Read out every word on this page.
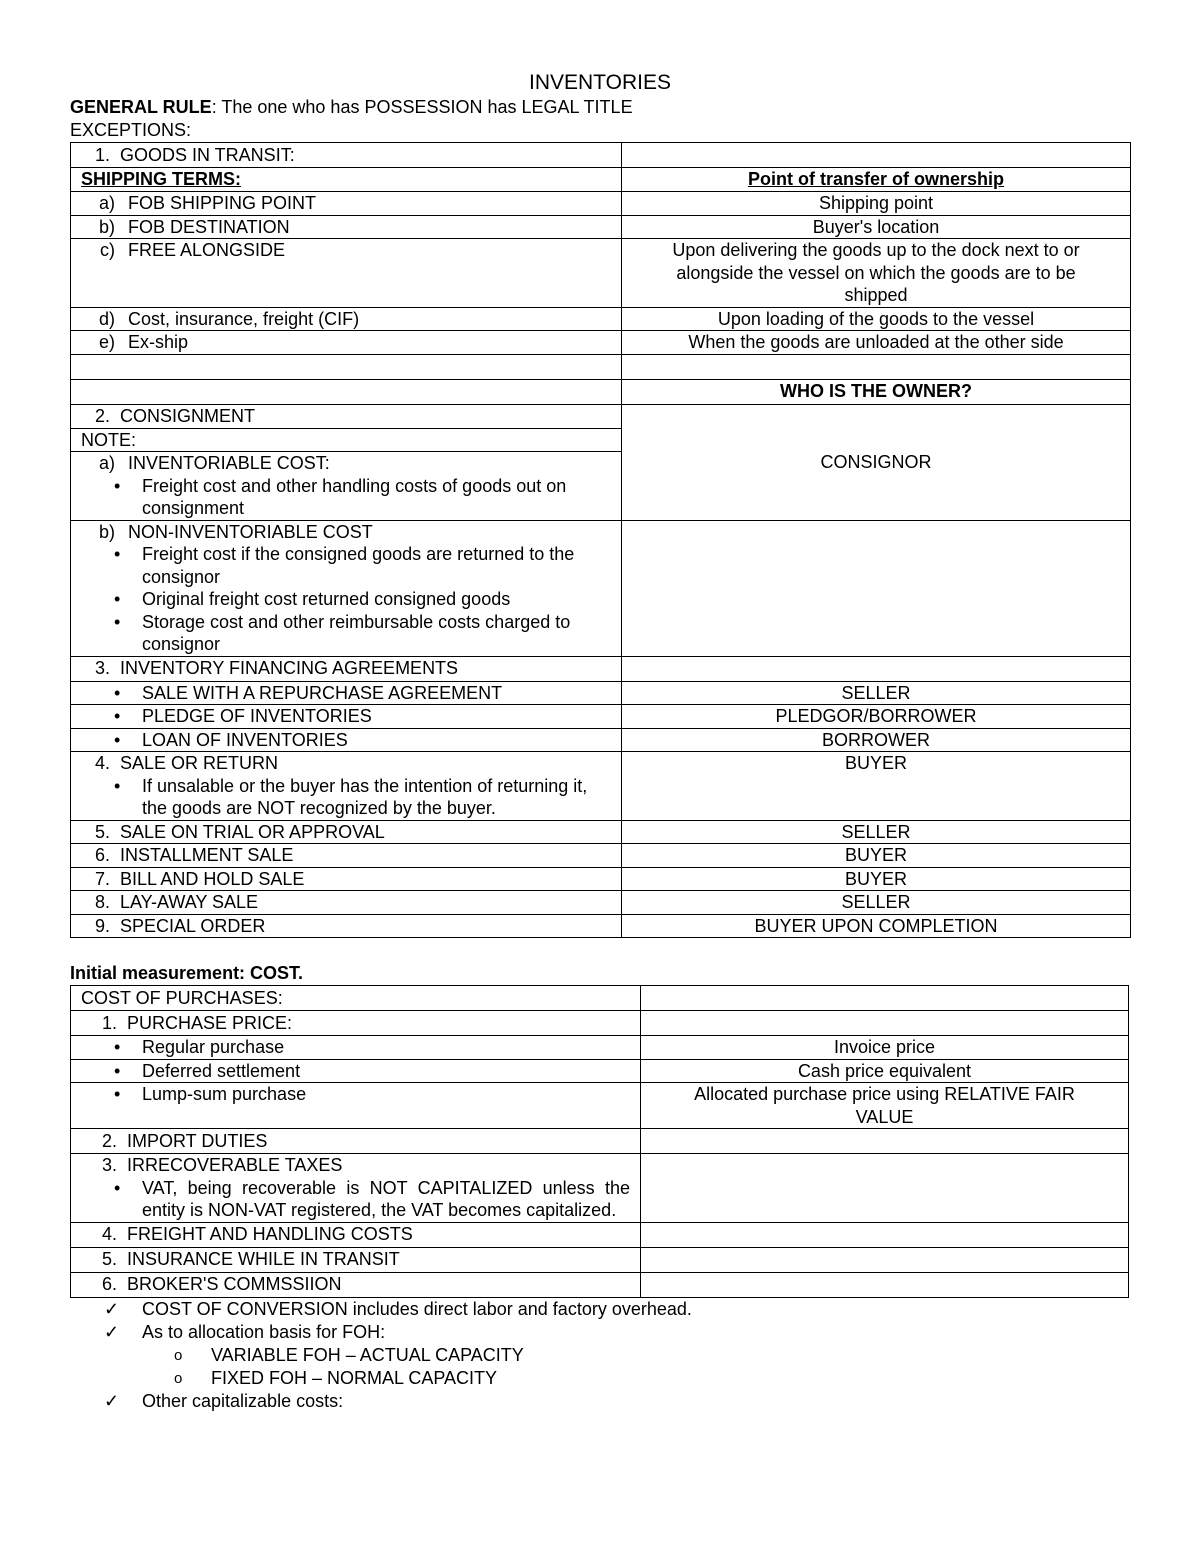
INVENTORIES

GENERAL RULE: The one who has POSSESSION has LEGAL TITLE

EXCEPTIONS:

1. GOODS IN TRANSIT:	
SHIPPING TERMS:	Point of transfer of ownership
a) FOB SHIPPING POINT	Shipping point
b) FOB DESTINATION	Buyer's location
c) FREE ALONGSIDE	Upon delivering the goods up to the dock next to or alongside the vessel on which the goods are to be shipped
d) Cost, insurance, freight (CIF)	Upon loading of the goods to the vessel
e) Ex-ship	When the goods are unloaded at the other side

	WHO IS THE OWNER?
2. CONSIGNMENT	CONSIGNOR
NOTE:	

a) INVENTORIABLE COST:
• Freight cost and other handling costs of goods out on consignment

b) NON-INVENTORIABLE COST
• Freight cost if the consigned goods are returned to the consignor
• Original freight cost returned consigned goods
• Storage cost and other reimbursable costs charged to consignor

3. INVENTORY FINANCING AGREEMENTS	

• SALE WITH A REPURCHASE AGREEMENT	SELLER

• PLEDGE OF INVENTORIES	PLEDGOR/BORROWER

• LOAN OF INVENTORIES	BORROWER

4. SALE OR RETURN
• If unsalable or the buyer has the intention of returning it, the goods are NOT recognized by the buyer.	BUYER
5. SALE ON TRIAL OR APPROVAL	SELLER
6. INSTALLMENT SALE	BUYER
7. BILL AND HOLD SALE	BUYER
8. LAY-AWAY SALE	SELLER
9. SPECIAL ORDER	BUYER UPON COMPLETION

Initial measurement: COST.

COST OF PURCHASES:	
1. PURCHASE PRICE:	

• Regular purchase	Invoice price

• Deferred settlement	Cash price equivalent

• Lump-sum purchase	Allocated purchase price using RELATIVE FAIR VALUE
2. IMPORT DUTIES	

3. IRRECOVERABLE TAXES
• VAT, being recoverable is NOT CAPITALIZED unless the entity is NON-VAT registered, the VAT becomes capitalized.

4. FREIGHT AND HANDLING COSTS	
5. INSURANCE WHILE IN TRANSIT	
6. BROKER'S COMMSSIION	
✓ COST OF CONVERSION includes direct labor and factory overhead.
✓ As to allocation basis for FOH:
o VARIABLE FOH – ACTUAL CAPACITY
o FIXED FOH – NORMAL CAPACITY
✓ Other capitalizable costs:
